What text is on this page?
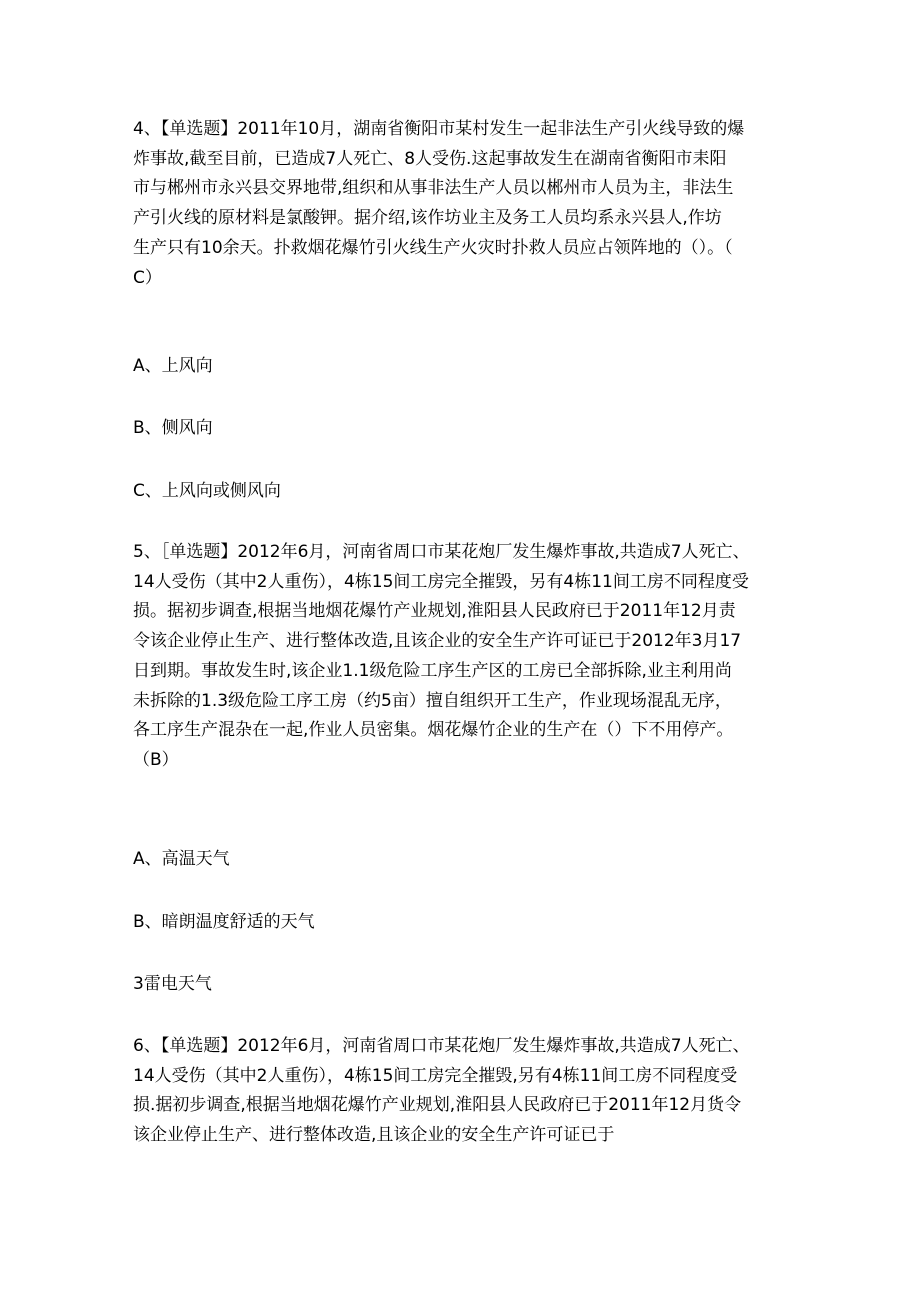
4、【单选题】2011年10月，湖南省衡阳市某村发生一起非法生产引火线导致的爆
炸事故,截至目前，已造成7人死亡、8人受伤.这起事故发生在湖南省衡阳市耒阳
市与郴州市永兴县交界地带,组织和从事非法生产人员以郴州市人员为主，非法生
产引火线的原材料是氯酸钾。据介绍,该作坊业主及务工人员均系永兴县人,作坊
生产只有10余天。扑救烟花爆竹引火线生产火灾时扑救人员应占领阵地的（）。（
C）

A、上风向

B、侧风向

C、上风向或侧风向

5、［单选题】2012年6月，河南省周口市某花炮厂发生爆炸事故,共造成7人死亡、
14人受伤（其中2人重伤），4栋15间工房完全摧毁，另有4栋11间工房不同程度受
损。据初步调查,根据当地烟花爆竹产业规划,淮阳县人民政府已于2011年12月责
令该企业停止生产、进行整体改造,且该企业的安全生产许可证已于2012年3月17
日到期。事故发生时,该企业1.1级危险工序生产区的工房已全部拆除,业主利用尚
未拆除的1.3级危险工序工房（约5亩）擅自组织开工生产，作业现场混乱无序，
各工序生产混杂在一起,作业人员密集。烟花爆竹企业的生产在（）下不用停产。
（B）

A、高温天气

B、暗朗温度舒适的天气

3雷电天气

6、【单选题】2012年6月，河南省周口市某花炮厂发生爆炸事故,共造成7人死亡、
14人受伤（其中2人重伤），4栋15间工房完全摧毁,另有4栋11间工房不同程度受
损.据初步调查,根据当地烟花爆竹产业规划,淮阳县人民政府已于2011年12月货令
该企业停止生产、进行整体改造,且该企业的安全生产许可证已于
